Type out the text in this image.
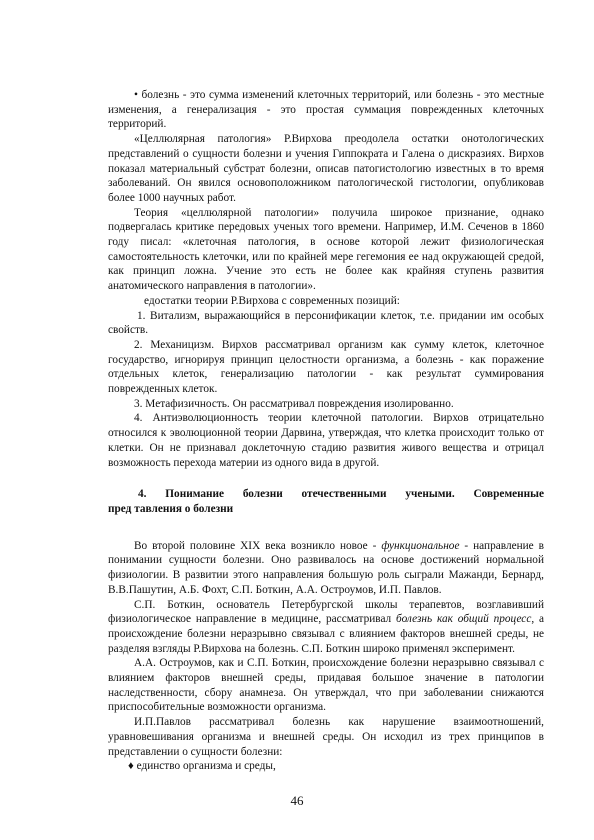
• болезнь - это сумма изменений клеточных территорий, или болезнь - это местные изменения, а генерализация - это простая суммация поврежденных клеточных территорий.

«Целлюлярная патология» Р.Вирхова преодолела остатки онотологических представлений о сущности болезни и учения Гиппократа и Галена о дискразиях. Вирхов показал материальный субстрат болезни, описав патогистологию известных в то время заболеваний. Он явился основоположником патологической гистологии, опубликовав более 1000 научных работ.

Теория «целлюлярной патологии» получила широкое признание, однако подвергалась критике передовых ученых того времени. Например, И.М. Сеченов в 1860 году писал: «клеточная патология, в основе которой лежит физиологическая самостоятельность клеточки, или по крайней мере гегемония ее над окружающей средой, как принцип ложна. Учение это есть не более как крайняя ступень развития анатомического направления в патологии».

едостатки теории Р.Вирхова с современных позиций:

1. Витализм, выражающийся в персонификации клеток, т.е. придании им особых свойств.

2. Механицизм. Вирхов рассматривал организм как сумму клеток, клеточное государство, игнорируя принцип целостности организма, а болезнь - как поражение отдельных клеток, генерализацию патологии - как результат суммирования поврежденных клеток.

3. Метафизичность. Он рассматривал повреждения изолированно.

4. Антиэволюционность теории клеточной патологии. Вирхов отрицательно относился к эволюционной теории Дарвина, утверждая, что клетка происходит только от клетки. Он не признавал доклеточную стадию развития живого вещества и отрицал возможность перехода материи из одного вида в другой.

4. Понимание болезни отечественными учеными. Современные
пред тавления о болезни

Во второй половине XIX века возникло новое - функциональное - направление в понимании сущности болезни. Оно развивалось на основе достижений нормальной физиологии. В развитии этого направления большую роль сыграли Мажанди, Бернард, В.В.Пашутин, А.Б. Фохт, С.П. Боткин, А.А. Остроумов, И.П. Павлов.

С.П. Боткин, основатель Петербургской школы терапевтов, возглавивший физиологическое направление в медицине, рассматривал болезнь как общий процесс, а происхождение болезни неразрывно связывал с влиянием факторов внешней среды, не разделяя взгляды Р.Вирхова на болезнь. С.П. Боткин широко применял эксперимент.

А.А. Остроумов, как и С.П. Боткин, происхождение болезни неразрывно связывал с влиянием факторов внешней среды, придавая большое значение в патологии наследственности, сбору анамнеза. Он утверждал, что при заболевании снижаются приспособительные возможности организма.

И.П.Павлов рассматривал болезнь как нарушение взаимоотношений, уравновешивания организма и внешней среды. Он исходил из трех принципов в представлении о сущности болезни:

♦ единство организма и среды,

46
